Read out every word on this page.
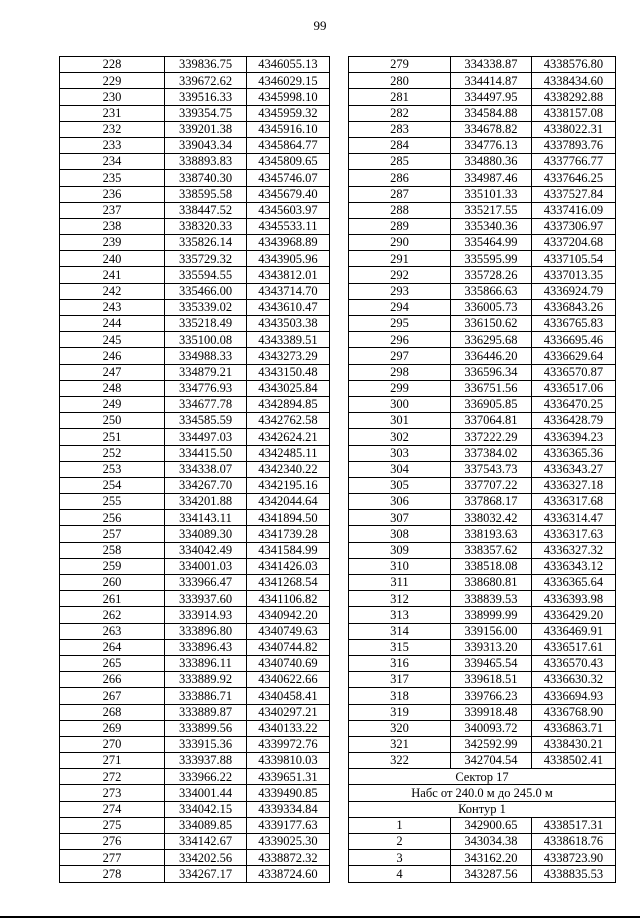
99
228	339836.75	4346055.13
229	339672.62	4346029.15
230	339516.33	4345998.10
231	339354.75	4345959.32
232	339201.38	4345916.10
233	339043.34	4345864.77
234	338893.83	4345809.65
235	338740.30	4345746.07
236	338595.58	4345679.40
237	338447.52	4345603.97
238	338320.33	4345533.11
239	335826.14	4343968.89
240	335729.32	4343905.96
241	335594.55	4343812.01
242	335466.00	4343714.70
243	335339.02	4343610.47
244	335218.49	4343503.38
245	335100.08	4343389.51
246	334988.33	4343273.29
247	334879.21	4343150.48
248	334776.93	4343025.84
249	334677.78	4342894.85
250	334585.59	4342762.58
251	334497.03	4342624.21
252	334415.50	4342485.11
253	334338.07	4342340.22
254	334267.70	4342195.16
255	334201.88	4342044.64
256	334143.11	4341894.50
257	334089.30	4341739.28
258	334042.49	4341584.99
259	334001.03	4341426.03
260	333966.47	4341268.54
261	333937.60	4341106.82
262	333914.93	4340942.20
263	333896.80	4340749.63
264	333896.43	4340744.82
265	333896.11	4340740.69
266	333889.92	4340622.66
267	333886.71	4340458.41
268	333889.87	4340297.21
269	333899.56	4340133.22
270	333915.36	4339972.76
271	333937.88	4339810.03
272	333966.22	4339651.31
273	334001.44	4339490.85
274	334042.15	4339334.84
275	334089.85	4339177.63
276	334142.67	4339025.30
277	334202.56	4338872.32
278	334267.17	4338724.60
279	334338.87	4338576.80
280	334414.87	4338434.60
281	334497.95	4338292.88
282	334584.88	4338157.08
283	334678.82	4338022.31
284	334776.13	4337893.76
285	334880.36	4337766.77
286	334987.46	4337646.25
287	335101.33	4337527.84
288	335217.55	4337416.09
289	335340.36	4337306.97
290	335464.99	4337204.68
291	335595.99	4337105.54
292	335728.26	4337013.35
293	335866.63	4336924.79
294	336005.73	4336843.26
295	336150.62	4336765.83
296	336295.68	4336695.46
297	336446.20	4336629.64
298	336596.34	4336570.87
299	336751.56	4336517.06
300	336905.85	4336470.25
301	337064.81	4336428.79
302	337222.29	4336394.23
303	337384.02	4336365.36
304	337543.73	4336343.27
305	337707.22	4336327.18
306	337868.17	4336317.68
307	338032.42	4336314.47
308	338193.63	4336317.63
309	338357.62	4336327.32
310	338518.08	4336343.12
311	338680.81	4336365.64
312	338839.53	4336393.98
313	338999.99	4336429.20
314	339156.00	4336469.91
315	339313.20	4336517.61
316	339465.54	4336570.43
317	339618.51	4336630.32
318	339766.23	4336694.93
319	339918.48	4336768.90
320	340093.72	4336863.71
321	342592.99	4338430.21
322	342704.54	4338502.41
Сектор 17		
Набс от 240.0 м до 245.0 м		
Контур 1		
1	342900.65	4338517.31
2	343034.38	4338618.76
3	343162.20	4338723.90
4	343287.56	4338835.53
